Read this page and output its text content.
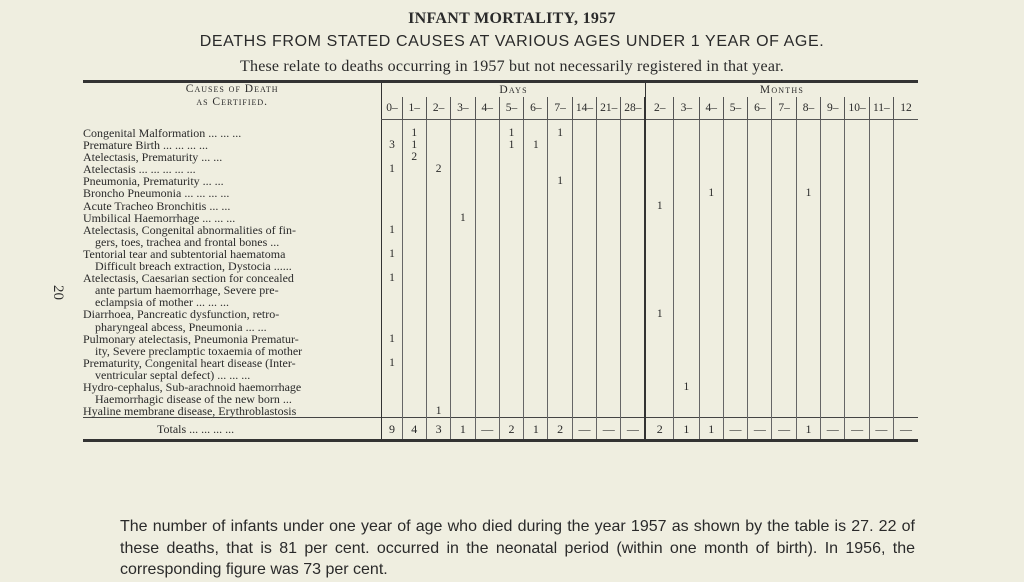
20
INFANT MORTALITY, 1957
DEATHS FROM STATED CAUSES AT VARIOUS AGES UNDER 1 YEAR OF AGE.
These relate to deaths occurring in 1957 but not necessarily registered in that year.
Causes of Death
as Certified.	Days											Months										
	0–	1–	2–	3–	4–	5–	6–	7–	14–	21–	28–	2–	3–	4–	5–	6–	7–	8–	9–	10–	11–	12

Congenital Malformation ... ... ...		1				1		1														

Premature Birth ... ... ... ...	3	1				1	1															

Atelectasis, Prematurity ... ...		2																				

Atelectasis ... ... ... ... ...	1		2																			

Pneumonia, Prematurity ... ...								1														

Broncho Pneumonia ... ... ... ...														1				1				

Acute Tracheo Bronchitis ... ...												1										

Umbilical Haemorrhage ... ... ...				1																		

Atelectasis, Congenital abnormalities of fin-
gers, toes, trachea and frontal bones ...	1																					

Tentorial tear and subtentorial haematoma
Difficult breach extraction, Dystocia ......	1																					

Atelectasis, Caesarian section for concealed
ante partum haemorrhage, Severe pre-
eclampsia of mother ... ... ...	1																					

Diarrhoea, Pancreatic dysfunction, retro-
pharyngeal abcess, Pneumonia ... ...												1										

Pulmonary atelectasis, Pneumonia Prematur-
ity, Severe preclamptic toxaemia of mother	1																					

Prematurity, Congenital heart disease (Inter-
ventricular septal defect) ... ... ...	1																					

Hydro-cephalus, Sub-arachnoid haemorrhage
Haemorrhagic disease of the new born ...													1									

Hyaline membrane disease, Erythroblastosis			1																			
Totals ... ... ... ...	9	4	3	1	—	2	1	2	—	—	—	2	1	1	—	—	—	1	—	—	—	—
The number of infants under one year of age who died during the year 1957 as shown by the table is 27. 22 of these deaths, that is 81 per cent. occurred in the neonatal period (within one month of birth). In 1956, the corresponding figure was 73 per cent.
